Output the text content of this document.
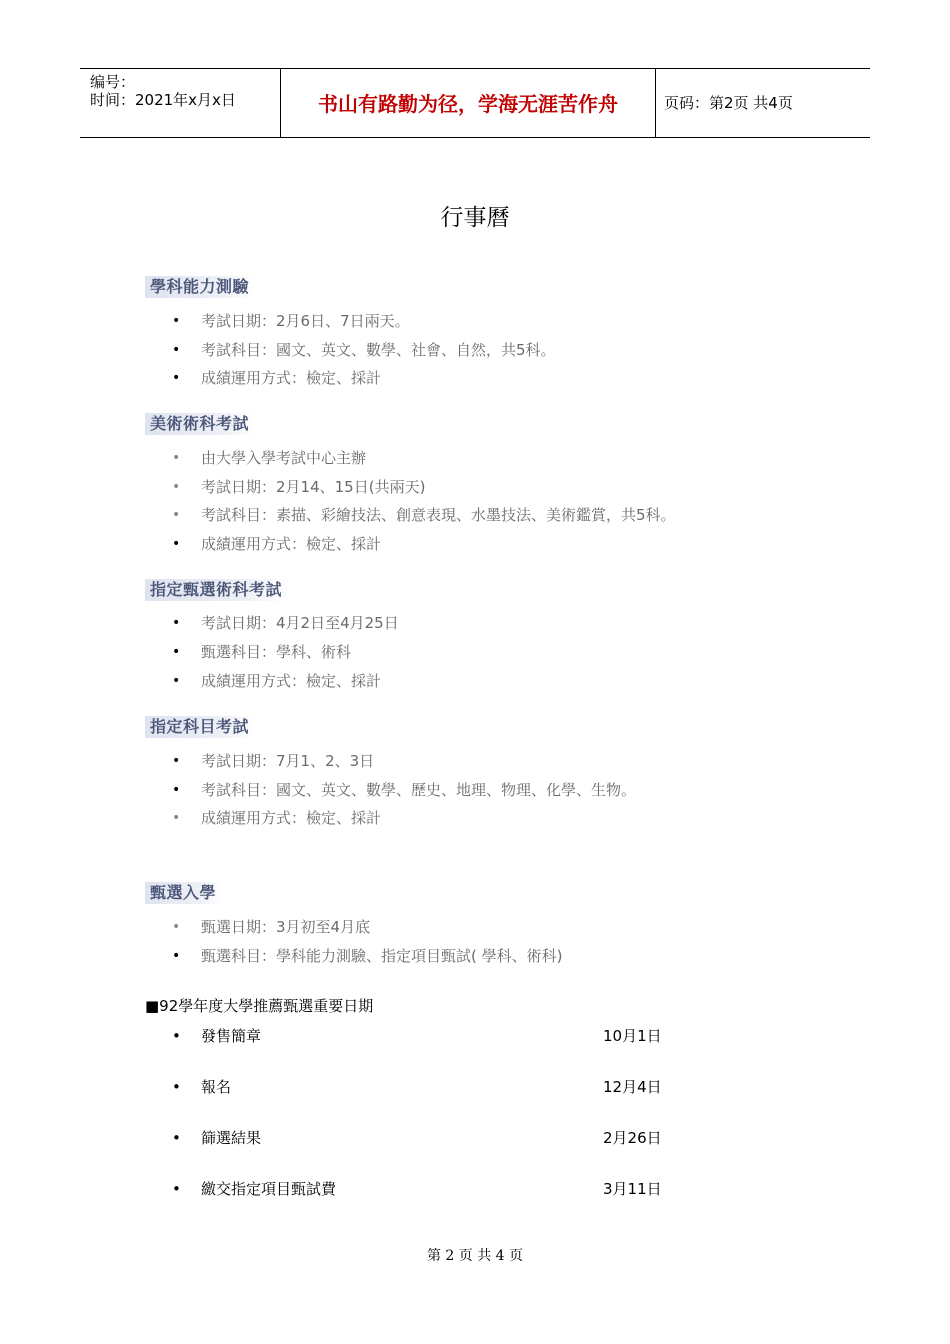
编号：
时间：2021年x月x日	书山有路勤为径，学海无涯苦作舟	页码：第2页 共4页
行事曆
學科能力測驗
• 考試日期：2月6日、7日兩天。
• 考試科目：國文、英文、數學、社會、自然，共5科。
• 成績運用方式：檢定、採計
美術術科考試
• 由大學入學考試中心主辦
• 考試日期：2月14、15日(共兩天)
• 考試科目：素描、彩繪技法、創意表現、水墨技法、美術鑑賞，共5科。
• 成績運用方式：檢定、採計
指定甄選術科考試
• 考試日期：4月2日至4月25日
• 甄選科目：學科、術科
• 成績運用方式：檢定、採計
指定科目考試
• 考試日期：7月1、2、3日
• 考試科目：國文、英文、數學、歷史、地理、物理、化學、生物。
• 成績運用方式：檢定、採計
甄選入學
• 甄選日期：3月初至4月底
• 甄選科目：學科能力測驗、指定項目甄試( 學科、術科)
■92學年度大學推薦甄選重要日期
• 發售簡章	10月1日
• 報名	12月4日
• 篩選結果	2月26日
• 繳交指定項目甄試費	3月11日
第 2 页 共 4 页
